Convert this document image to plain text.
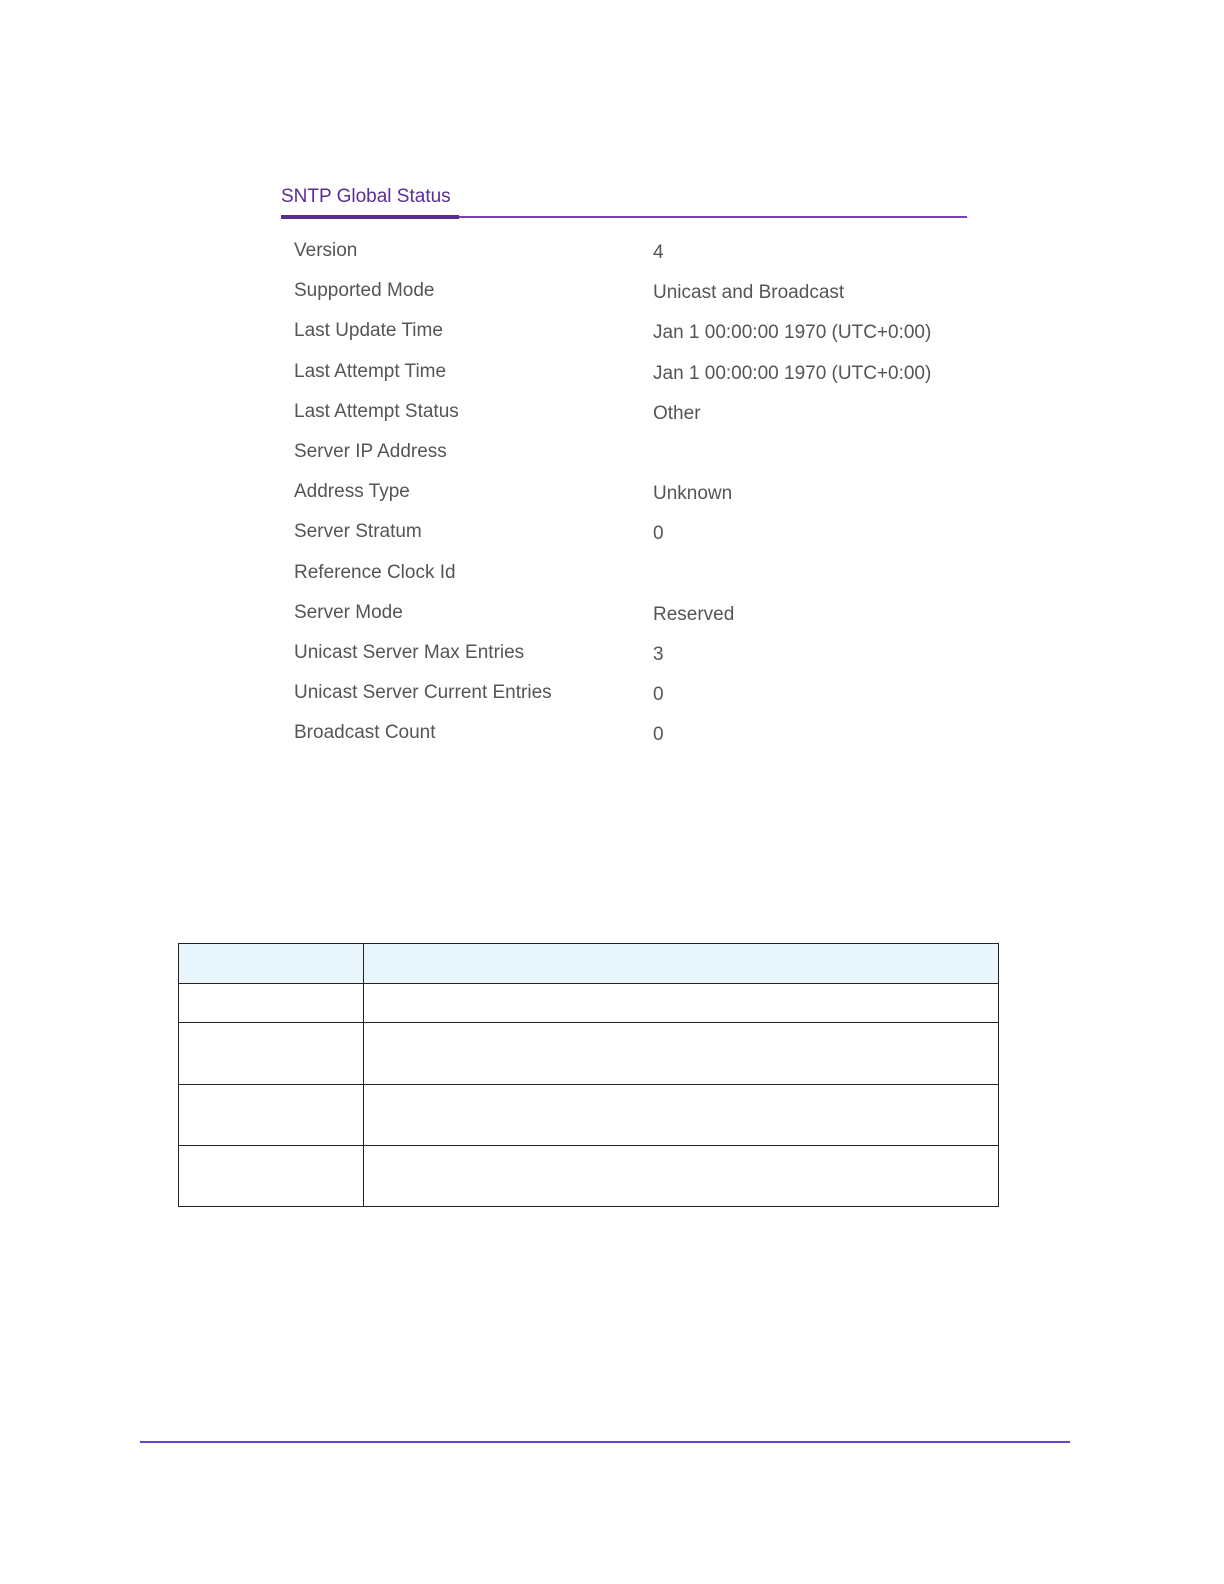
SNTP Global Status
Version	4
Supported Mode	Unicast and Broadcast
Last Update Time	Jan 1 00:00:00 1970 (UTC+0:00)
Last Attempt Time	Jan 1 00:00:00 1970 (UTC+0:00)
Last Attempt Status	Other
Server IP Address
Address Type	Unknown
Server Stratum	0
Reference Clock Id
Server Mode	Reserved
Unicast Server Max Entries	3
Unicast Server Current Entries	0
Broadcast Count	0
